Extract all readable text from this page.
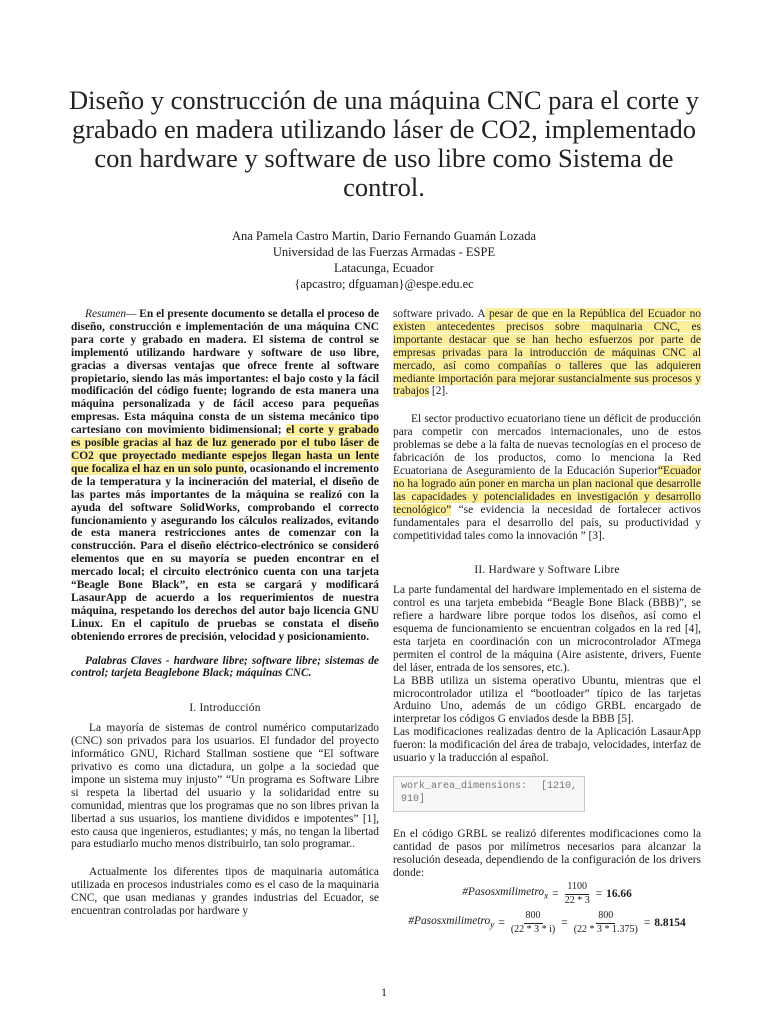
Diseño y construcción de una máquina CNC para el corte y grabado en madera utilizando láser de CO2, implementado con hardware y software de uso libre como Sistema de control.
Ana Pamela Castro Martin, Dario Fernando Guamán Lozada
Universidad de las Fuerzas Armadas - ESPE
Latacunga, Ecuador
{apcastro; dfguaman}@espe.edu.ec

Resumen— En el presente documento se detalla el proceso de diseño, construcción e implementación de una máquina CNC para corte y grabado en madera. El sistema de control se implementó utilizando hardware y software de uso libre, gracias a diversas ventajas que ofrece frente al software propietario, siendo las más importantes: el bajo costo y la fácil modificación del código fuente; logrando de esta manera una máquina personalizada y de fácil acceso para pequeñas empresas. Esta máquina consta de un sistema mecánico tipo cartesiano con movimiento bidimensional; el corte y grabado es posible gracias al haz de luz generado por el tubo láser de CO2 que proyectado mediante espejos llegan hasta un lente que focaliza el haz en un solo punto, ocasionando el incremento de la temperatura y la incineración del material, el diseño de las partes más importantes de la máquina se realizó con la ayuda del software SolidWorks, comprobando el correcto funcionamiento y asegurando los cálculos realizados, evitando de esta manera restricciones antes de comenzar con la construcción. Para el diseño eléctrico-electrónico se consideró elementos que en su mayoría se pueden encontrar en el mercado local; el circuito electrónico cuenta con una tarjeta “Beagle Bone Black”, en esta se cargará y modificará LasaurApp de acuerdo a los requerimientos de nuestra máquina, respetando los derechos del autor bajo licencia GNU Linux. En el capítulo de pruebas se constata el diseño obteniendo errores de precisión, velocidad y posicionamiento.

Palabras Claves - hardware libre; software libre; sistemas de control; tarjeta Beaglebone Black; máquinas CNC.

I. Introducción

La mayoría de sistemas de control numérico computarizado (CNC) son privados para los usuarios. El fundador del proyecto informático GNU, Richard Stallman sostiene que “El software privativo es como una dictadura, un golpe a la sociedad que impone un sistema muy injusto” “Un programa es Software Libre si respeta la libertad del usuario y la solidaridad entre su comunidad, mientras que los programas que no son libres privan la libertad a sus usuarios, los mantiene divididos e impotentes” [1], esto causa que ingenieros, estudiantes; y más, no tengan la libertad para estudiarlo mucho menos distribuirlo, tan solo programar..

Actualmente los diferentes tipos de maquinaria automática utilizada en procesos industriales como es el caso de la maquinaria CNC, que usan medianas y grandes industrias del Ecuador, se encuentran controladas por hardware y

software privado. A pesar de que en la República del Ecuador no existen antecedentes precisos sobre maquinaria CNC, es importante destacar que se han hecho esfuerzos por parte de empresas privadas para la introducción de máquinas CNC al mercado, así como compañías o talleres que las adquieren mediante importación para mejorar sustancialmente sus procesos y trabajos [2].

El sector productivo ecuatoriano tiene un déficit de producción para competir con mercados internacionales, uno de estos problemas se debe a la falta de nuevas tecnologías en el proceso de fabricación de los productos, como lo menciona la Red Ecuatoriana de Aseguramiento de la Educación Superior“Ecuador no ha logrado aún poner en marcha un plan nacional que desarrolle las capacidades y potencialidades en investigación y desarrollo tecnológico” “se evidencia la necesidad de fortalecer activos fundamentales para el desarrollo del país, su productividad y competitividad tales como la innovación ” [3].

II. Hardware y Software Libre

La parte fundamental del hardware implementado en el sistema de control es una tarjeta embebida “Beagle Bone Black (BBB)”, se refiere a hardware libre porque todos los diseños, así como el esquema de funcionamiento se encuentran colgados en la red [4], esta tarjeta en coordinación con un microcontrolador ATmega permiten el control de la máquina (Aire asistente, drivers, Fuente del láser, entrada de los sensores, etc.).

La BBB utiliza un sistema operativo Ubuntu, mientras que el microcontrolador utiliza el “bootloader” típico de las tarjetas Arduino Uno, además de un código GRBL encargado de interpretar los códigos G enviados desde la BBB [5].

Las modificaciones realizadas dentro de la Aplicación LasaurApp fueron: la modificación del área de trabajo, velocidades, interfaz de usuario y la traducción al español.

work_area_dimensions: [1210, 910]

En el código GRBL se realizó diferentes modificaciones como la cantidad de pasos por milímetros necesarios para alcanzar la resolución deseada, dependiendo de la configuración de los drivers donde:

#Pasosxmilimetro$_x$ = $\frac{1100}{22 * 3} = 16.66$
#Pasosxmilimetro$_y$ = $\frac{800}{(22 * 3 * i)} = \frac{800}{(22 * 3 * 1.375)} = 8.8154$
1
